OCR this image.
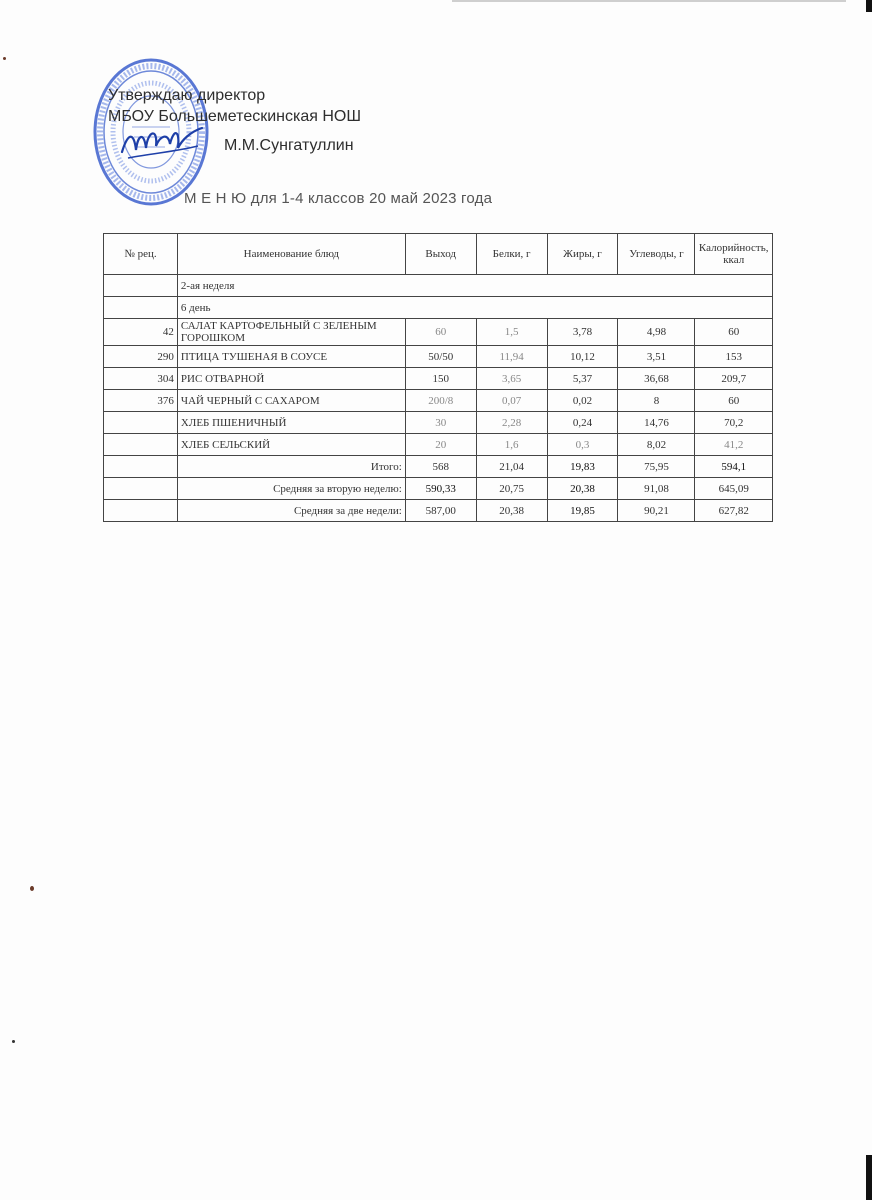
Утверждаю директор
МБОУ Большеметескинская НОШ
М.М.Сунгатуллин
М Е Н Ю для 1-4 классов 20 май 2023 года
№ рец.	Наименование блюд	Выход	Белки, г	Жиры, г	Углеводы, г	Калорийность, ккал
	2-ая неделя					
	6 день					
42	САЛАТ КАРТОФЕЛЬНЫЙ С ЗЕЛЕНЫМ ГОРОШКОМ	60	1,5	3,78	4,98	60
290	ПТИЦА ТУШЕНАЯ В СОУСЕ	50/50	11,94	10,12	3,51	153
304	РИС ОТВАРНОЙ	150	3,65	5,37	36,68	209,7
376	ЧАЙ ЧЕРНЫЙ С САХАРОМ	200/8	0,07	0,02	8	60
	ХЛЕБ ПШЕНИЧНЫЙ	30	2,28	0,24	14,76	70,2
	ХЛЕБ СЕЛЬСКИЙ	20	1,6	0,3	8,02	41,2
	Итого:	568	21,04	19,83	75,95	594,1
	Средняя за вторую неделю:	590,33	20,75	20,38	91,08	645,09
	Средняя за две недели:	587,00	20,38	19,85	90,21	627,82
